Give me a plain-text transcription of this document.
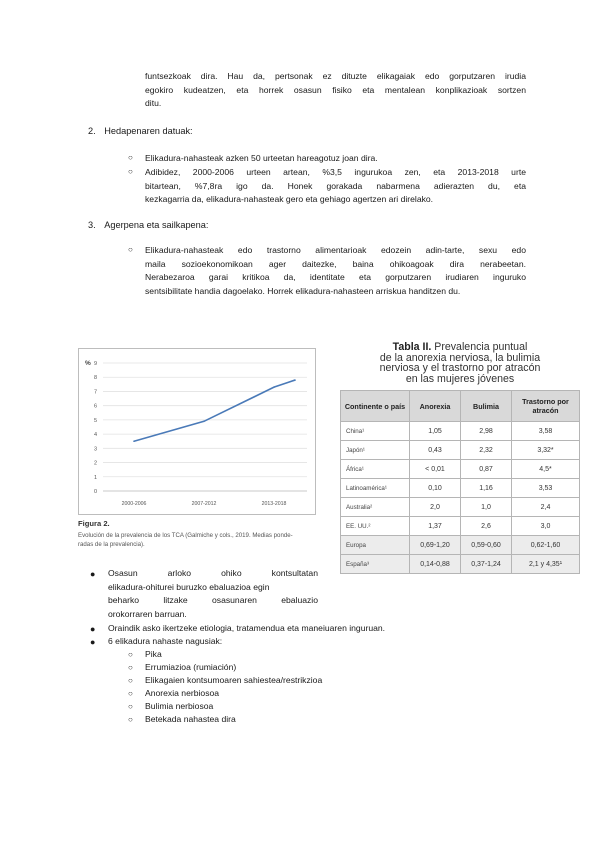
funtsezkoak dira. Hau da, pertsonak ez dituzte elikagaiak edo gorputzaren irudia
egokiro kudeatzen, eta horrek osasun fisiko eta mentalean konplikazioak sortzen
ditu.
2. Hedapenaren datuak:
○ Elikadura-nahasteak azken 50 urteetan hareagotuz joan dira.
○ Adibidez, 2000-2006 urteen artean, %3,5 ingurukoa zen, eta 2013-2018 urte
bitartean, %7,8ra igo da. Honek gorakada nabarmena adierazten du, eta
kezkagarria da, elikadura-nahasteak gero eta gehiago agertzen ari direlako.
3. Agerpena eta sailkapena:
○ Elikadura-nahasteak edo trastorno alimentarioak edozein adin-tarte, sexu edo
maila sozioekonomikoan ager daitezke, baina ohikoagoak dira nerabeetan.
Nerabezaroa garai kritikoa da, identitate eta gorputzaren irudiaren inguruko
sentsibilitate handia dagoelako. Horrek elikadura-nahasteen arriskua handitzen du.
0
1
2
3
4
5
6
7
8
9
%
2000-2006	2007-2012	2013-2018
Figura 2.
Evolución de la prevalencia de los TCA (Galmiche y cols., 2019. Medias ponde-
radas de la prevalencia).
Tabla II. Prevalencia puntual
de la anorexia nerviosa, la bulimia
nerviosa y el trastorno por atracón
en las mujeres jóvenes
Continente o país	Anorexia	Bulimia	Trastorno por atracón
China¹	1,05	2,98	3,58
Japón¹	0,43	2,32	3,32*
África¹	< 0,01	0,87	4,5*
Latinoamérica¹	0,10	1,16	3,53
Australia²	2,0	1,0	2,4
EE. UU.²	1,37	2,6	3,0
Europa	0,69-1,20	0,59-0,60	0,62-1,60
España³	0,14-0,88	0,37-1,24	2,1 y 4,35¹
● Osasun arloko ohiko kontsultatan
elikadura-ohiturei buruzko ebaluazioa egin
beharko litzake osasunaren ebaluazio
orokorraren barruan.
● Oraindik asko ikertzeke etiologia, tratamendua eta maneiuaren inguruan.
● 6 elikadura nahaste nagusiak:
○ Pika
○ Errumiazioa (rumiación)
○ Elikagaien kontsumoaren sahiestea/restrikzioa
○ Anorexia nerbiosoa
○ Bulimia nerbiosoa
○ Betekada nahastea dira
